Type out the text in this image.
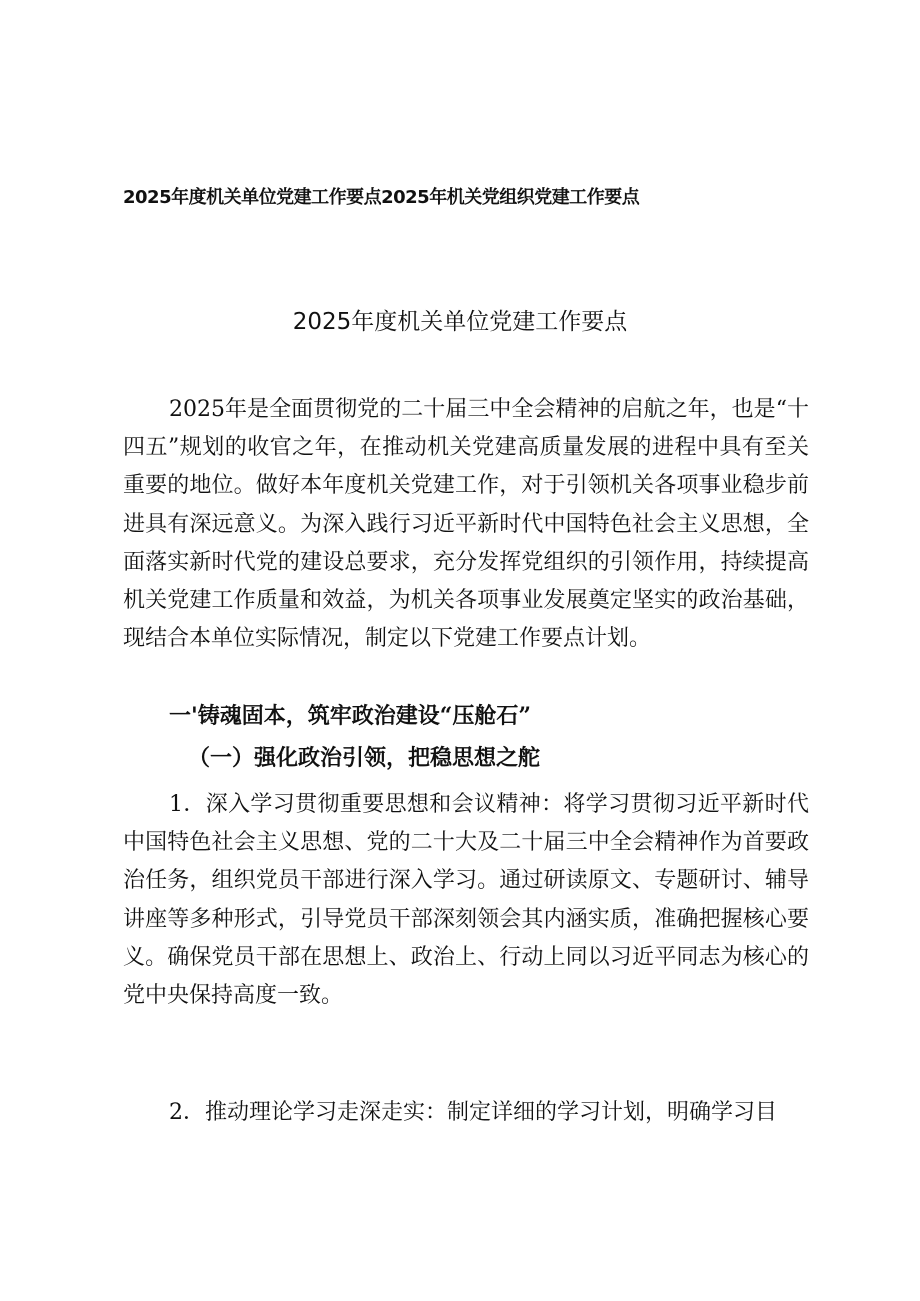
2025年度机关单位党建工作要点2025年机关党组织党建工作要点
2025年度机关单位党建工作要点

2025年是全面贯彻党的二十届三中全会精神的启航之年，也是“十四五”规划的收官之年，在推动机关党建高质量发展的进程中具有至关重要的地位。做好本年度机关党建工作，对于引领机关各项事业稳步前进具有深远意义。为深入践行习近平新时代中国特色社会主义思想，全面落实新时代党的建设总要求，充分发挥党组织的引领作用，持续提高机关党建工作质量和效益，为机关各项事业发展奠定坚实的政治基础，现结合本单位实际情况，制定以下党建工作要点计划。

一'铸魂固本，筑牢政治建设“压舱石”

（一）强化政治引领，把稳思想之舵

1．深入学习贯彻重要思想和会议精神：将学习贯彻习近平新时代中国特色社会主义思想、党的二十大及二十届三中全会精神作为首要政治任务，组织党员干部进行深入学习。通过研读原文、专题研讨、辅导讲座等多种形式，引导党员干部深刻领会其内涵实质，准确把握核心要义。确保党员干部在思想上、政治上、行动上同以习近平同志为核心的党中央保持高度一致。

2．推动理论学习走深走实：制定详细的学习计划，明确学习目
